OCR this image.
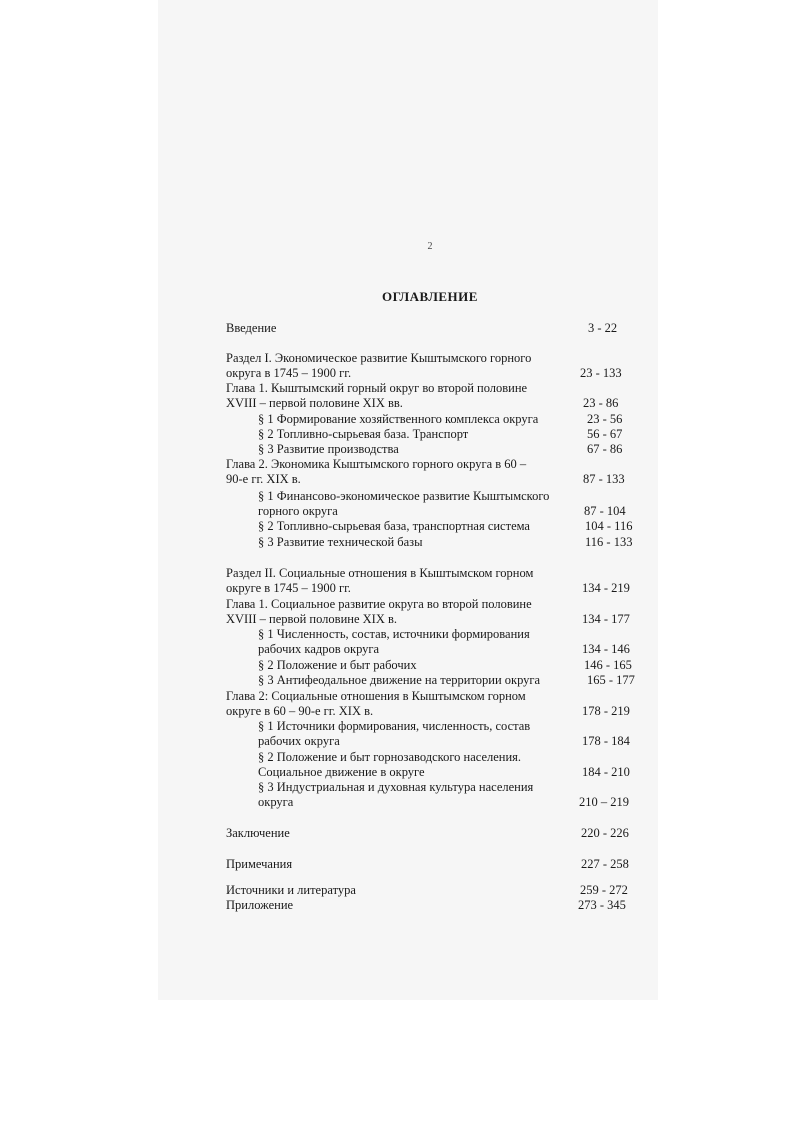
2
ОГЛАВЛЕНИЕ
Введение	3 - 22
Раздел I. Экономическое развитие Кыштымского горного
округа в 1745 – 1900 гг.	23 - 133
Глава 1. Кыштымский горный округ во второй половине
XVIII – первой половине XIX вв.	23 - 86
§ 1 Формирование хозяйственного комплекса округа	23 - 56
§ 2 Топливно-сырьевая база. Транспорт	56 - 67
§ 3 Развитие производства	67 - 86
Глава 2. Экономика Кыштымского горного округа в 60 –
90-е гг. XIX в.	87 - 133
§ 1 Финансово-экономическое развитие Кыштымского
горного округа	87 - 104
§ 2 Топливно-сырьевая база, транспортная система	104 - 116
§ 3 Развитие технической базы	116 - 133
Раздел II. Социальные отношения в Кыштымском горном
округе в 1745 – 1900 гг.	134 - 219
Глава 1. Социальное развитие округа во второй половине
XVIII – первой половине XIX в.	134 - 177
§ 1 Численность, состав, источники формирования
рабочих кадров округа	134 - 146
§ 2 Положение и быт рабочих	146 - 165
§ 3 Антифеодальное движение на территории округа	165 - 177
Глава 2: Социальные отношения в Кыштымском горном
округе в 60 – 90-е гг. XIX в.	178 - 219
§ 1 Источники формирования, численность, состав
рабочих округа	178 - 184
§ 2 Положение и быт горнозаводского населения.
Социальное движение в округе	184 - 210
§ 3 Индустриальная и духовная культура населения
округа	210 – 219
Заключение	220 - 226
Примечания	227 - 258
Источники и литература	259 - 272
Приложение	273 - 345
